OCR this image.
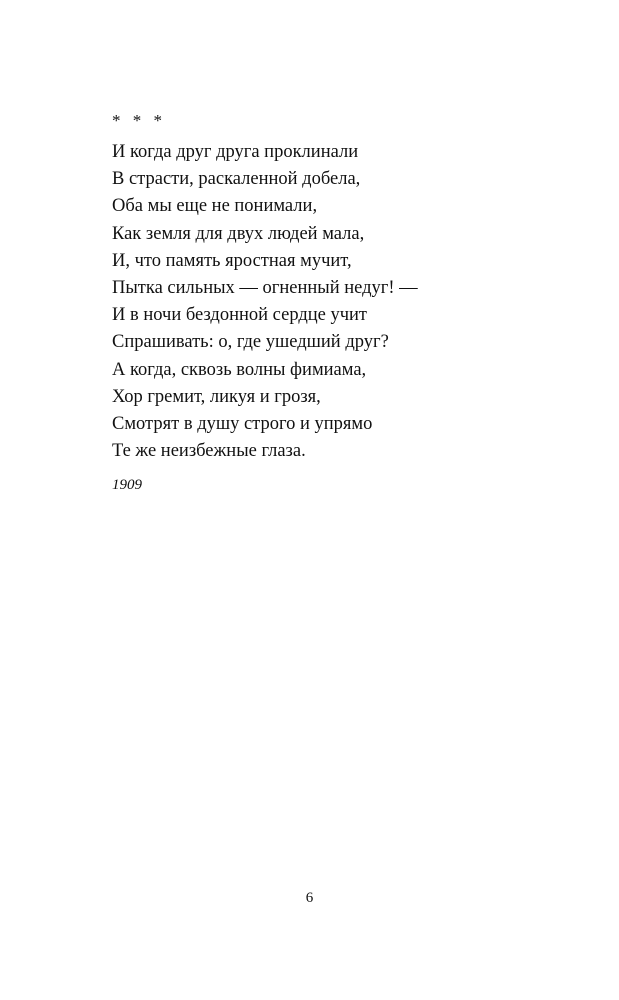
* * *
И когда друг друга проклинали
В страсти, раскаленной добела,
Оба мы еще не понимали,
Как земля для двух людей мала,
И, что память яростная мучит,
Пытка сильных — огненный недуг! —
И в ночи бездонной сердце учит
Спрашивать: о, где ушедший друг?
А когда, сквозь волны фимиама,
Хор гремит, ликуя и грозя,
Смотрят в душу строго и упрямо
Те же неизбежные глаза.
1909
6
